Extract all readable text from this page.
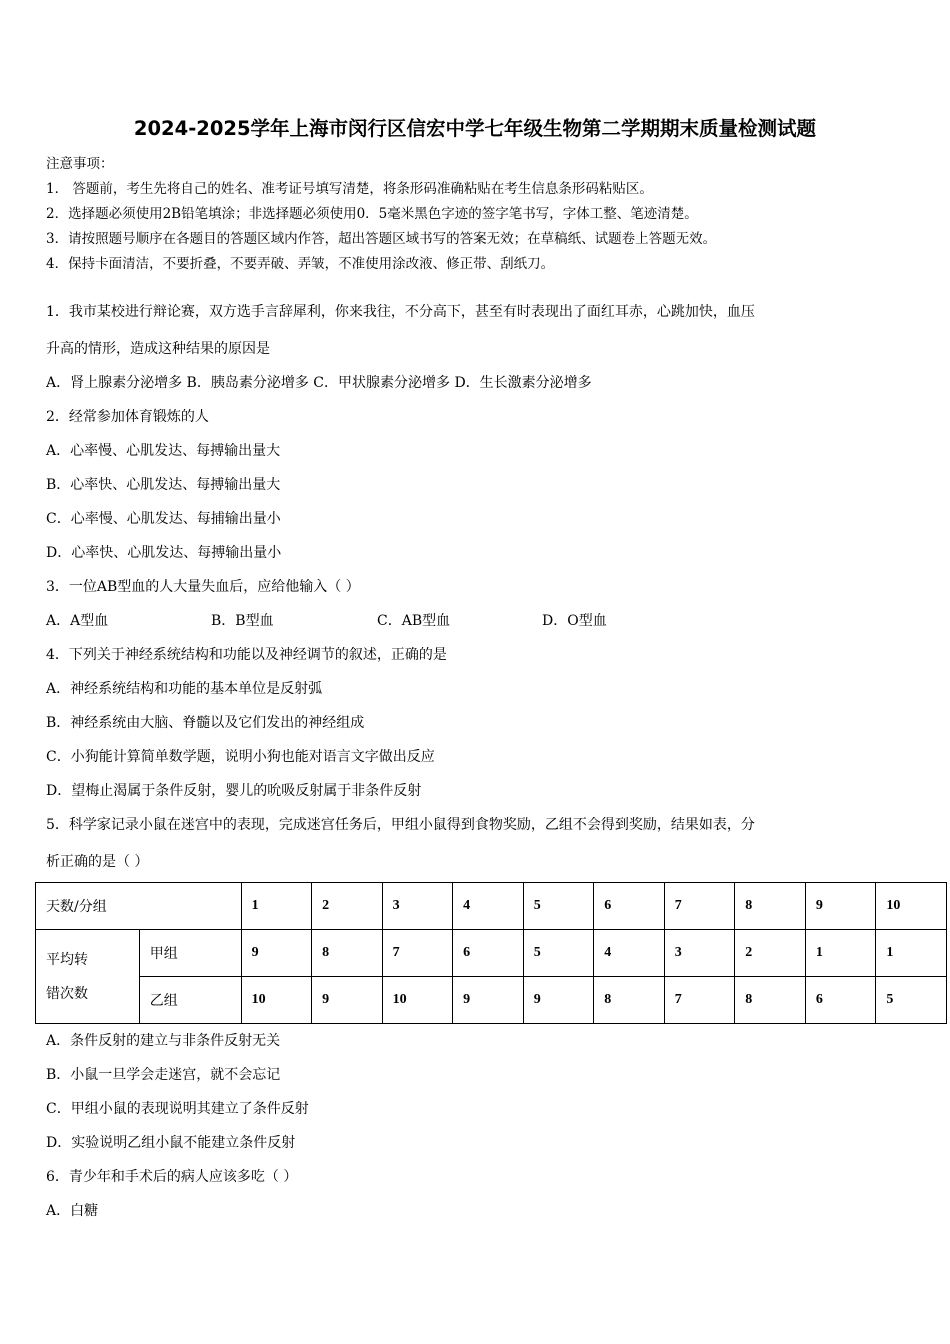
2024-2025学年上海市闵行区信宏中学七年级生物第二学期期末质量检测试题
注意事项：
1． 答题前，考生先将自己的姓名、准考证号填写清楚，将条形码准确粘贴在考生信息条形码粘贴区。
2．选择题必须使用2B铅笔填涂；非选择题必须使用0．5毫米黑色字迹的签字笔书写，字体工整、笔迹清楚。
3．请按照题号顺序在各题目的答题区域内作答，超出答题区域书写的答案无效；在草稿纸、试题卷上答题无效。
4．保持卡面清洁，不要折叠，不要弄破、弄皱，不准使用涂改液、修正带、刮纸刀。
1．我市某校进行辩论赛，双方选手言辞犀利，你来我往，不分高下，甚至有时表现出了面红耳赤，心跳加快，血压
升高的情形，造成这种结果的原因是
A．肾上腺素分泌增多 B．胰岛素分泌增多 C．甲状腺素分泌增多 D．生长激素分泌增多
2．经常参加体育锻炼的人
A．心率慢、心肌发达、每搏输出量大
B．心率快、心肌发达、每搏输出量大
C．心率慢、心肌发达、每捕输出量小
D．心率快、心肌发达、每搏输出量小
3．一位AB型血的人大量失血后，应给他输入（ ）
A．A型血	B．B型血	C．AB型血	D．O型血
4．下列关于神经系统结构和功能以及神经调节的叙述，正确的是
A．神经系统结构和功能的基本单位是反射弧
B．神经系统由大脑、脊髓以及它们发出的神经组成
C．小狗能计算简单数学题，说明小狗也能对语言文字做出反应
D．望梅止渴属于条件反射，婴儿的吮吸反射属于非条件反射
5．科学家记录小鼠在迷宫中的表现，完成迷宫任务后，甲组小鼠得到食物奖励，乙组不会得到奖励，结果如表，分
析正确的是（ ）
天数/分组		1	2	3	4	5	6	7	8	9	10
平均转
错次数	甲组	9	8	7	6	5	4	3	2	1	1
	乙组	10	9	10	9	9	8	7	8	6	5
A．条件反射的建立与非条件反射无关
B．小鼠一旦学会走迷宫，就不会忘记
C．甲组小鼠的表现说明其建立了条件反射
D．实验说明乙组小鼠不能建立条件反射
6．青少年和手术后的病人应该多吃（ ）
A．白糖
